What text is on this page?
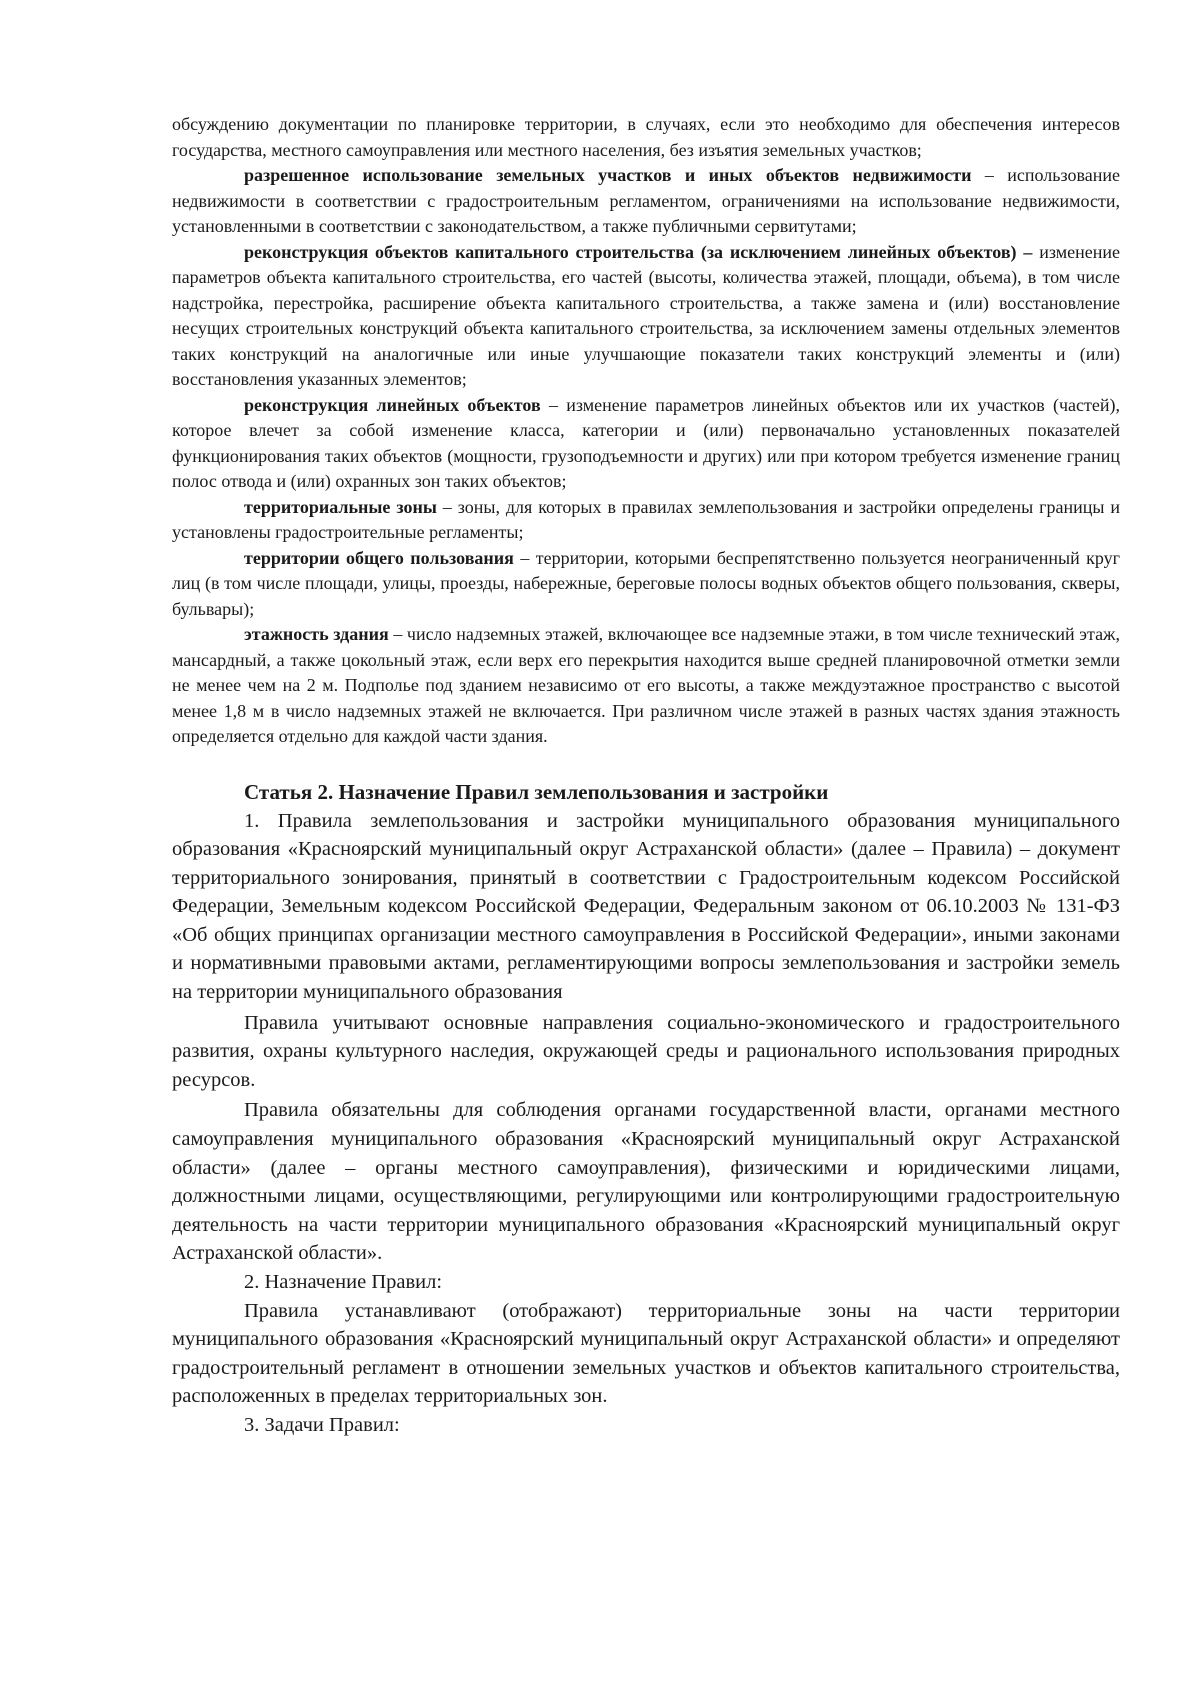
обсуждению документации по планировке территории, в случаях, если это необходимо для обеспечения интересов государства, местного самоуправления или местного населения, без изъятия земельных участков;

разрешенное использование земельных участков и иных объектов недвижимости – использование недвижимости в соответствии с градостроительным регламентом, ограничениями на использование недвижимости, установленными в соответствии с законодательством, а также публичными сервитутами;

реконструкция объектов капитального строительства (за исключением линейных объектов) – изменение параметров объекта капитального строительства, его частей (высоты, количества этажей, площади, объема), в том числе надстройка, перестройка, расширение объекта капитального строительства, а также замена и (или) восстановление несущих строительных конструкций объекта капитального строительства, за исключением замены отдельных элементов таких конструкций на аналогичные или иные улучшающие показатели таких конструкций элементы и (или) восстановления указанных элементов;

реконструкция линейных объектов – изменение параметров линейных объектов или их участков (частей), которое влечет за собой изменение класса, категории и (или) первоначально установленных показателей функционирования таких объектов (мощности, грузоподъемности и других) или при котором требуется изменение границ полос отвода и (или) охранных зон таких объектов;

территориальные зоны – зоны, для которых в правилах землепользования и застройки определены границы и установлены градостроительные регламенты;

территории общего пользования – территории, которыми беспрепятственно пользуется неограниченный круг лиц (в том числе площади, улицы, проезды, набережные, береговые полосы водных объектов общего пользования, скверы, бульвары);

этажность здания – число надземных этажей, включающее все надземные этажи, в том числе технический этаж, мансардный, а также цокольный этаж, если верх его перекрытия находится выше средней планировочной отметки земли не менее чем на 2 м. Подполье под зданием независимо от его высоты, а также междуэтажное пространство с высотой менее 1,8 м в число надземных этажей не включается. При различном числе этажей в разных частях здания этажность определяется отдельно для каждой части здания.

Статья 2. Назначение Правил землепользования и застройки

1. Правила землепользования и застройки муниципального образования муниципального образования «Красноярский муниципальный округ Астраханской области» (далее – Правила) – документ территориального зонирования, принятый в соответствии с Градостроительным кодексом Российской Федерации, Земельным кодексом Российской Федерации, Федеральным законом от 06.10.2003 № 131-ФЗ «Об общих принципах организации местного самоуправления в Российской Федерации», иными законами и нормативными правовыми актами, регламентирующими вопросы землепользования и застройки земель на территории муниципального образования

Правила учитывают основные направления социально-экономического и градостроительного развития, охраны культурного наследия, окружающей среды и рационального использования природных ресурсов.

Правила обязательны для соблюдения органами государственной власти, органами местного самоуправления муниципального образования «Красноярский муниципальный округ Астраханской области» (далее – органы местного самоуправления), физическими и юридическими лицами, должностными лицами, осуществляющими, регулирующими или контролирующими градостроительную деятельность на части территории муниципального образования «Красноярский муниципальный округ Астраханской области».

2. Назначение Правил:

Правила устанавливают (отображают) территориальные зоны на части территории муниципального образования «Красноярский муниципальный округ Астраханской области» и определяют градостроительный регламент в отношении земельных участков и объектов капитального строительства, расположенных в пределах территориальных зон.

3. Задачи Правил:
